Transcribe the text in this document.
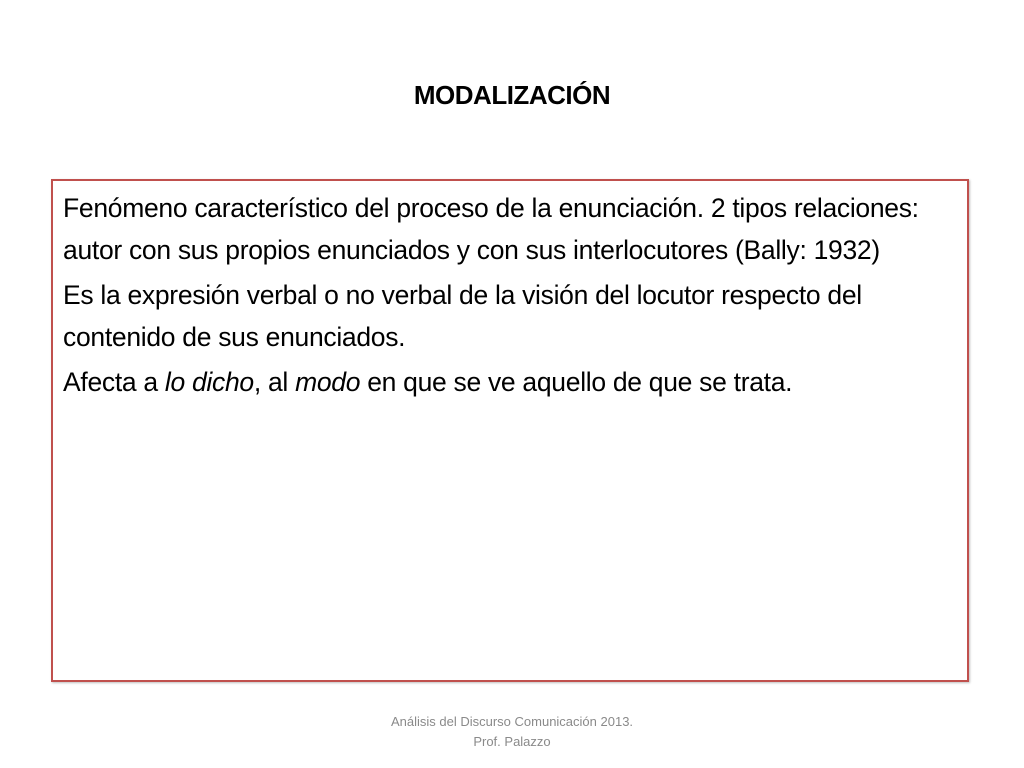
MODALIZACIÓN

Fenómeno característico del proceso de la enunciación. 2 tipos relaciones: autor con sus propios enunciados y con sus interlocutores (Bally: 1932)

Es la expresión verbal o no verbal de la visión del locutor respecto del contenido de sus enunciados.

Afecta a lo dicho, al modo en que se ve aquello de que se trata.

Análisis del Discurso Comunicación 2013.
Prof. Palazzo
